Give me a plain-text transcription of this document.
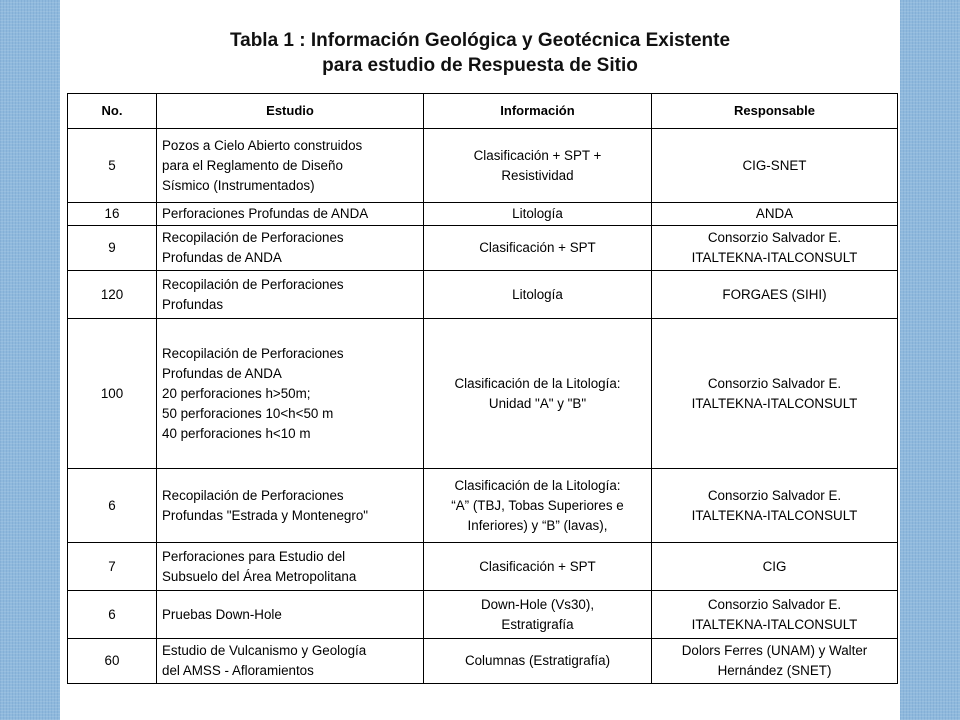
Tabla 1 : Información Geológica y Geotécnica Existente
para estudio de Respuesta de Sitio
No.	Estudio	Información	Responsable
5	Pozos a Cielo Abierto construidos
para el Reglamento de Diseño
Sísmico (Instrumentados)	Clasificación + SPT +
Resistividad	CIG-SNET

16	Perforaciones Profundas de ANDA	Litología	ANDA

9	Recopilación de Perforaciones
Profundas de ANDA	Clasificación + SPT	Consorzio Salvador E.
ITALTEKNA-ITALCONSULT

120	Recopilación de Perforaciones
Profundas	Litología	FORGAES (SIHI)

100	Recopilación de Perforaciones
Profundas de ANDA
20 perforaciones h>50m;
50 perforaciones 10<h<50 m
40 perforaciones h<10 m	Clasificación de la Litología:
Unidad "A" y "B"	Consorzio Salvador E.
ITALTEKNA-ITALCONSULT

6	Recopilación de Perforaciones
Profundas "Estrada y Montenegro"	Clasificación de la Litología:
“A” (TBJ, Tobas Superiores e
Inferiores) y “B” (lavas),	Consorzio Salvador E.
ITALTEKNA-ITALCONSULT

7	Perforaciones para Estudio del
Subsuelo del Área Metropolitana	Clasificación + SPT	CIG

6	Pruebas Down-Hole	Down-Hole (Vs30),
Estratigrafía	Consorzio Salvador E.
ITALTEKNA-ITALCONSULT

60	Estudio de Vulcanismo y Geología
del AMSS - Afloramientos	Columnas (Estratigrafía)	Dolors Ferres (UNAM) y Walter
Hernández (SNET)
